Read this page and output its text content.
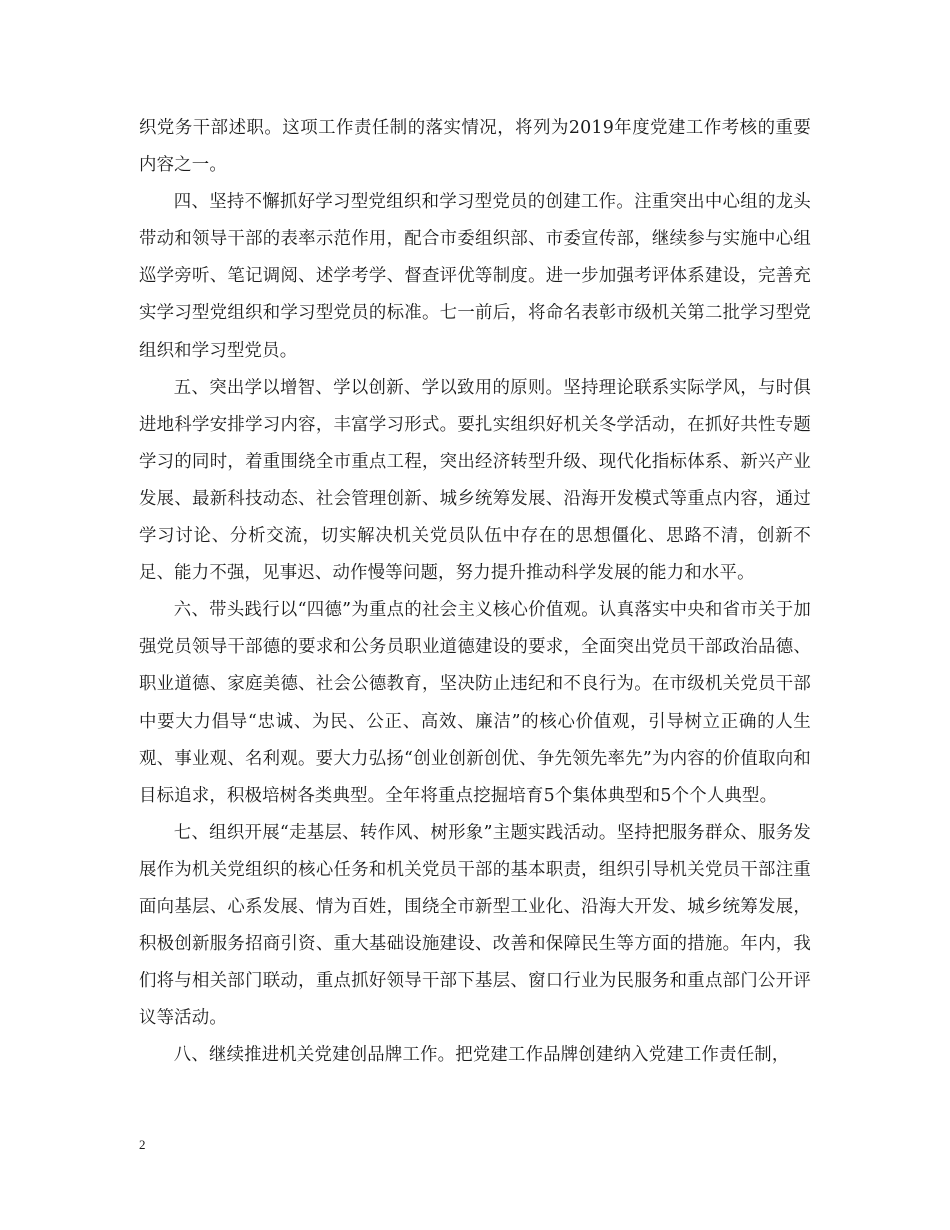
织党务干部述职。这项工作责任制的落实情况，将列为2019年度党建工作考核的重要内容之一。

四、坚持不懈抓好学习型党组织和学习型党员的创建工作。注重突出中心组的龙头带动和领导干部的表率示范作用，配合市委组织部、市委宣传部，继续参与实施中心组巡学旁听、笔记调阅、述学考学、督查评优等制度。进一步加强考评体系建设，完善充实学习型党组织和学习型党员的标准。七一前后，将命名表彰市级机关第二批学习型党组织和学习型党员。

五、突出学以增智、学以创新、学以致用的原则。坚持理论联系实际学风，与时俱进地科学安排学习内容，丰富学习形式。要扎实组织好机关冬学活动，在抓好共性专题学习的同时，着重围绕全市重点工程，突出经济转型升级、现代化指标体系、新兴产业发展、最新科技动态、社会管理创新、城乡统筹发展、沿海开发模式等重点内容，通过学习讨论、分析交流，切实解决机关党员队伍中存在的思想僵化、思路不清，创新不足、能力不强，见事迟、动作慢等问题，努力提升推动科学发展的能力和水平。

六、带头践行以“四德”为重点的社会主义核心价值观。认真落实中央和省市关于加强党员领导干部德的要求和公务员职业道德建设的要求，全面突出党员干部政治品德、职业道德、家庭美德、社会公德教育，坚决防止违纪和不良行为。在市级机关党员干部中要大力倡导“忠诚、为民、公正、高效、廉洁”的核心价值观，引导树立正确的人生观、事业观、名利观。要大力弘扬“创业创新创优、争先领先率先”为内容的价值取向和目标追求，积极培树各类典型。全年将重点挖掘培育5个集体典型和5个个人典型。

七、组织开展“走基层、转作风、树形象”主题实践活动。坚持把服务群众、服务发展作为机关党组织的核心任务和机关党员干部的基本职责，组织引导机关党员干部注重面向基层、心系发展、情为百姓，围绕全市新型工业化、沿海大开发、城乡统筹发展，积极创新服务招商引资、重大基础设施建设、改善和保障民生等方面的措施。年内，我们将与相关部门联动，重点抓好领导干部下基层、窗口行业为民服务和重点部门公开评议等活动。

八、继续推进机关党建创品牌工作。把党建工作品牌创建纳入党建工作责任制，

2
